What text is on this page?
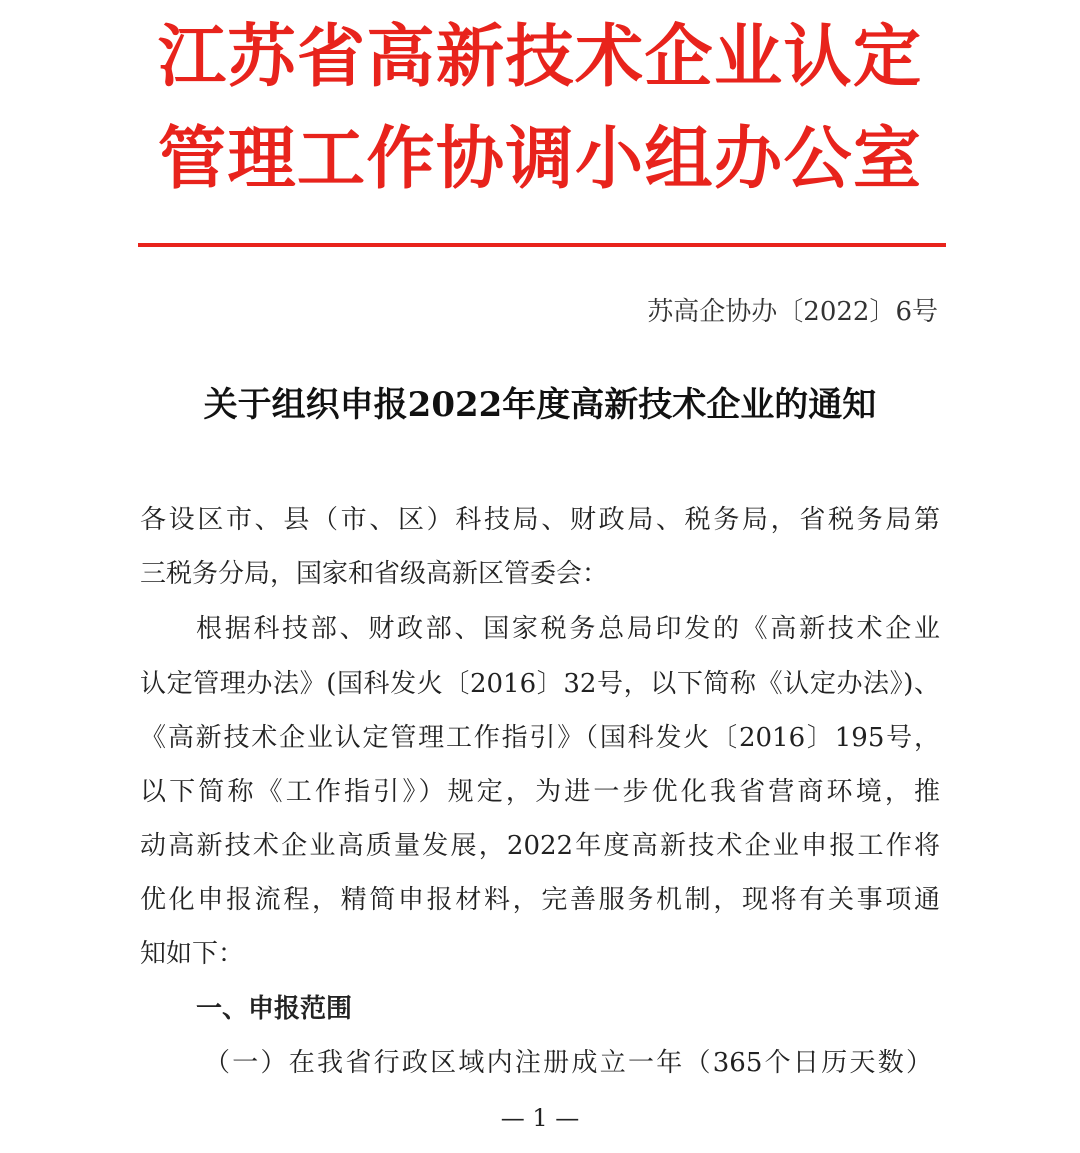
江苏省高新技术企业认定
管理工作协调小组办公室
苏高企协办〔2022〕6号
关于组织申报2022年度高新技术企业的通知
各设区市、县（市、区）科技局、财政局、税务局，省税务局第
三税务分局，国家和省级高新区管委会：
根据科技部、财政部、国家税务总局印发的《高新技术企业
认定管理办法》(国科发火〔2016〕32号，以下简称《认定办法》)、
《高新技术企业认定管理工作指引》（国科发火〔2016〕195号，
以下简称《工作指引》）规定，为进一步优化我省营商环境，推
动高新技术企业高质量发展，2022年度高新技术企业申报工作将
优化申报流程，精简申报材料，完善服务机制，现将有关事项通
知如下：
一、申报范围
（一）在我省行政区域内注册成立一年（365个日历天数）
— 1 —
